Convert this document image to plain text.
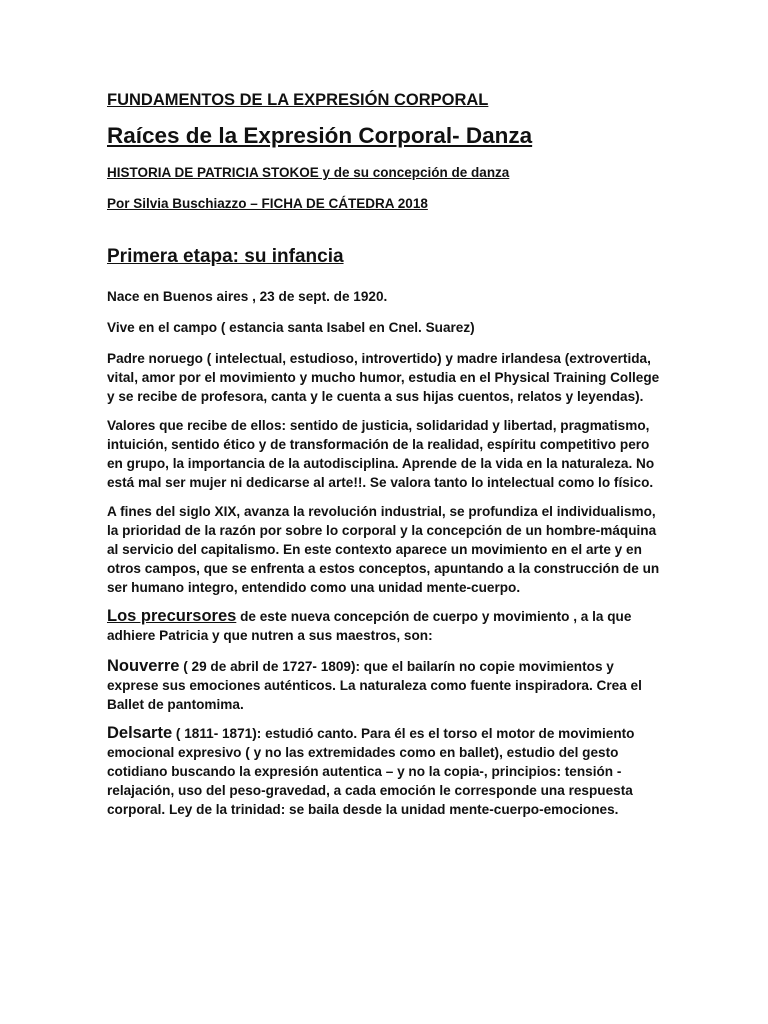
FUNDAMENTOS DE LA EXPRESIÓN CORPORAL

Raíces de la Expresión Corporal- Danza

HISTORIA DE PATRICIA STOKOE y de su concepción de danza

Por Silvia Buschiazzo – FICHA DE CÁTEDRA 2018

Primera etapa: su infancia

Nace en Buenos aires , 23 de sept. de 1920.

Vive en el campo ( estancia santa Isabel en Cnel. Suarez)

Padre noruego ( intelectual, estudioso, introvertido) y madre irlandesa (extrovertida, vital, amor por el movimiento y mucho humor, estudia en el Physical Training College y se recibe de profesora, canta y le cuenta a sus hijas cuentos, relatos y leyendas).

Valores que recibe de ellos: sentido de justicia, solidaridad y libertad, pragmatismo, intuición, sentido ético y de transformación de la realidad, espíritu competitivo pero en grupo, la importancia de la autodisciplina. Aprende de la vida en la naturaleza. No está mal ser mujer ni dedicarse al arte!!. Se valora tanto lo intelectual como lo físico.

A fines del siglo XIX, avanza la revolución industrial, se profundiza el individualismo, la prioridad de la razón por sobre lo corporal y la concepción de un hombre-máquina al servicio del capitalismo. En este contexto aparece un movimiento en el arte y en otros campos, que se enfrenta a estos conceptos, apuntando a la construcción de un ser humano integro, entendido como una unidad mente-cuerpo.

Los precursores de este nueva concepción de cuerpo y movimiento , a la que adhiere Patricia y que nutren a sus maestros, son:

Nouverre ( 29 de abril de 1727- 1809): que el bailarín no copie movimientos y exprese sus emociones auténticos. La naturaleza como fuente inspiradora. Crea el Ballet de pantomima.

Delsarte ( 1811- 1871): estudió canto. Para él es el torso el motor de movimiento emocional expresivo ( y no las extremidades como en ballet), estudio del gesto cotidiano buscando la expresión autentica – y no la copia-, principios: tensión - relajación, uso del peso-gravedad, a cada emoción le corresponde una respuesta corporal. Ley de la trinidad: se baila desde la unidad mente-cuerpo-emociones.
